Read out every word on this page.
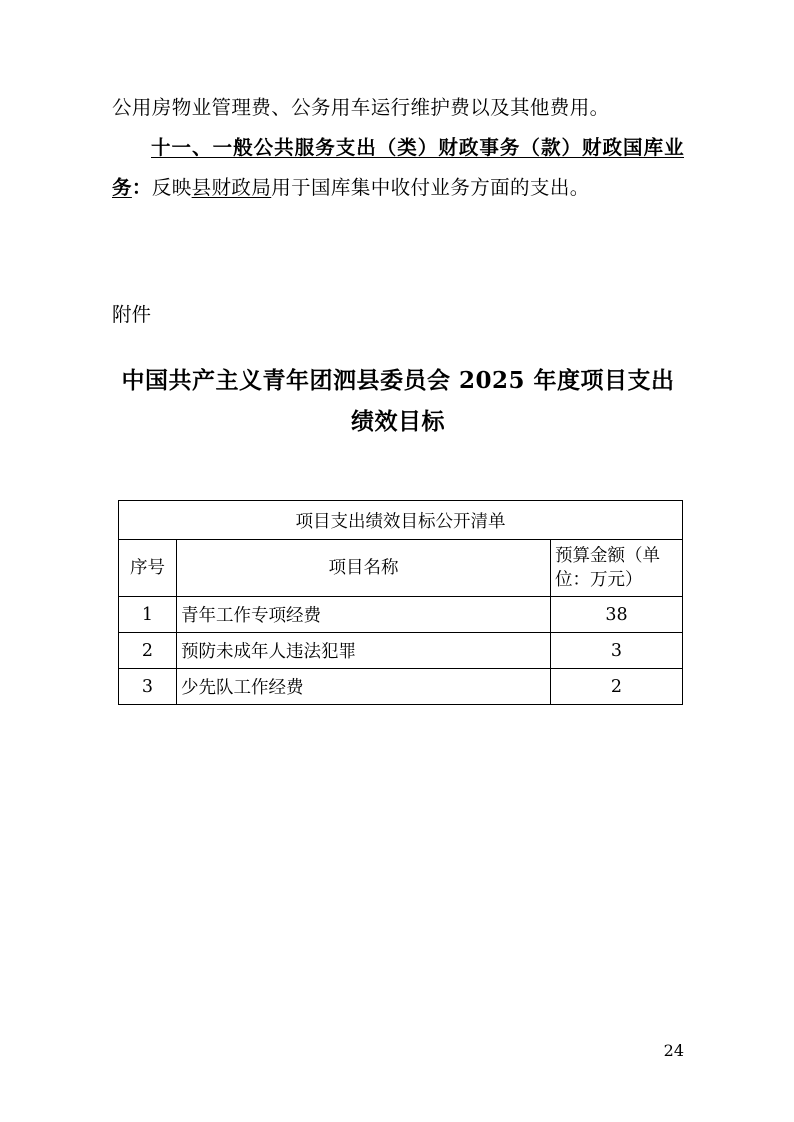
公用房物业管理费、公务用车运行维护费以及其他费用。

十一、一般公共服务支出（类）财政事务（款）财政国库业务：反映县财政局用于国库集中收付业务方面的支出。

附件

中国共产主义青年团泗县委员会 2025 年度项目支出绩效目标
项目支出绩效目标公开清单		
序号	项目名称	预算金额（单位：万元）
1	青年工作专项经费	38
2	预防未成年人违法犯罪	3
3	少先队工作经费	2
24
